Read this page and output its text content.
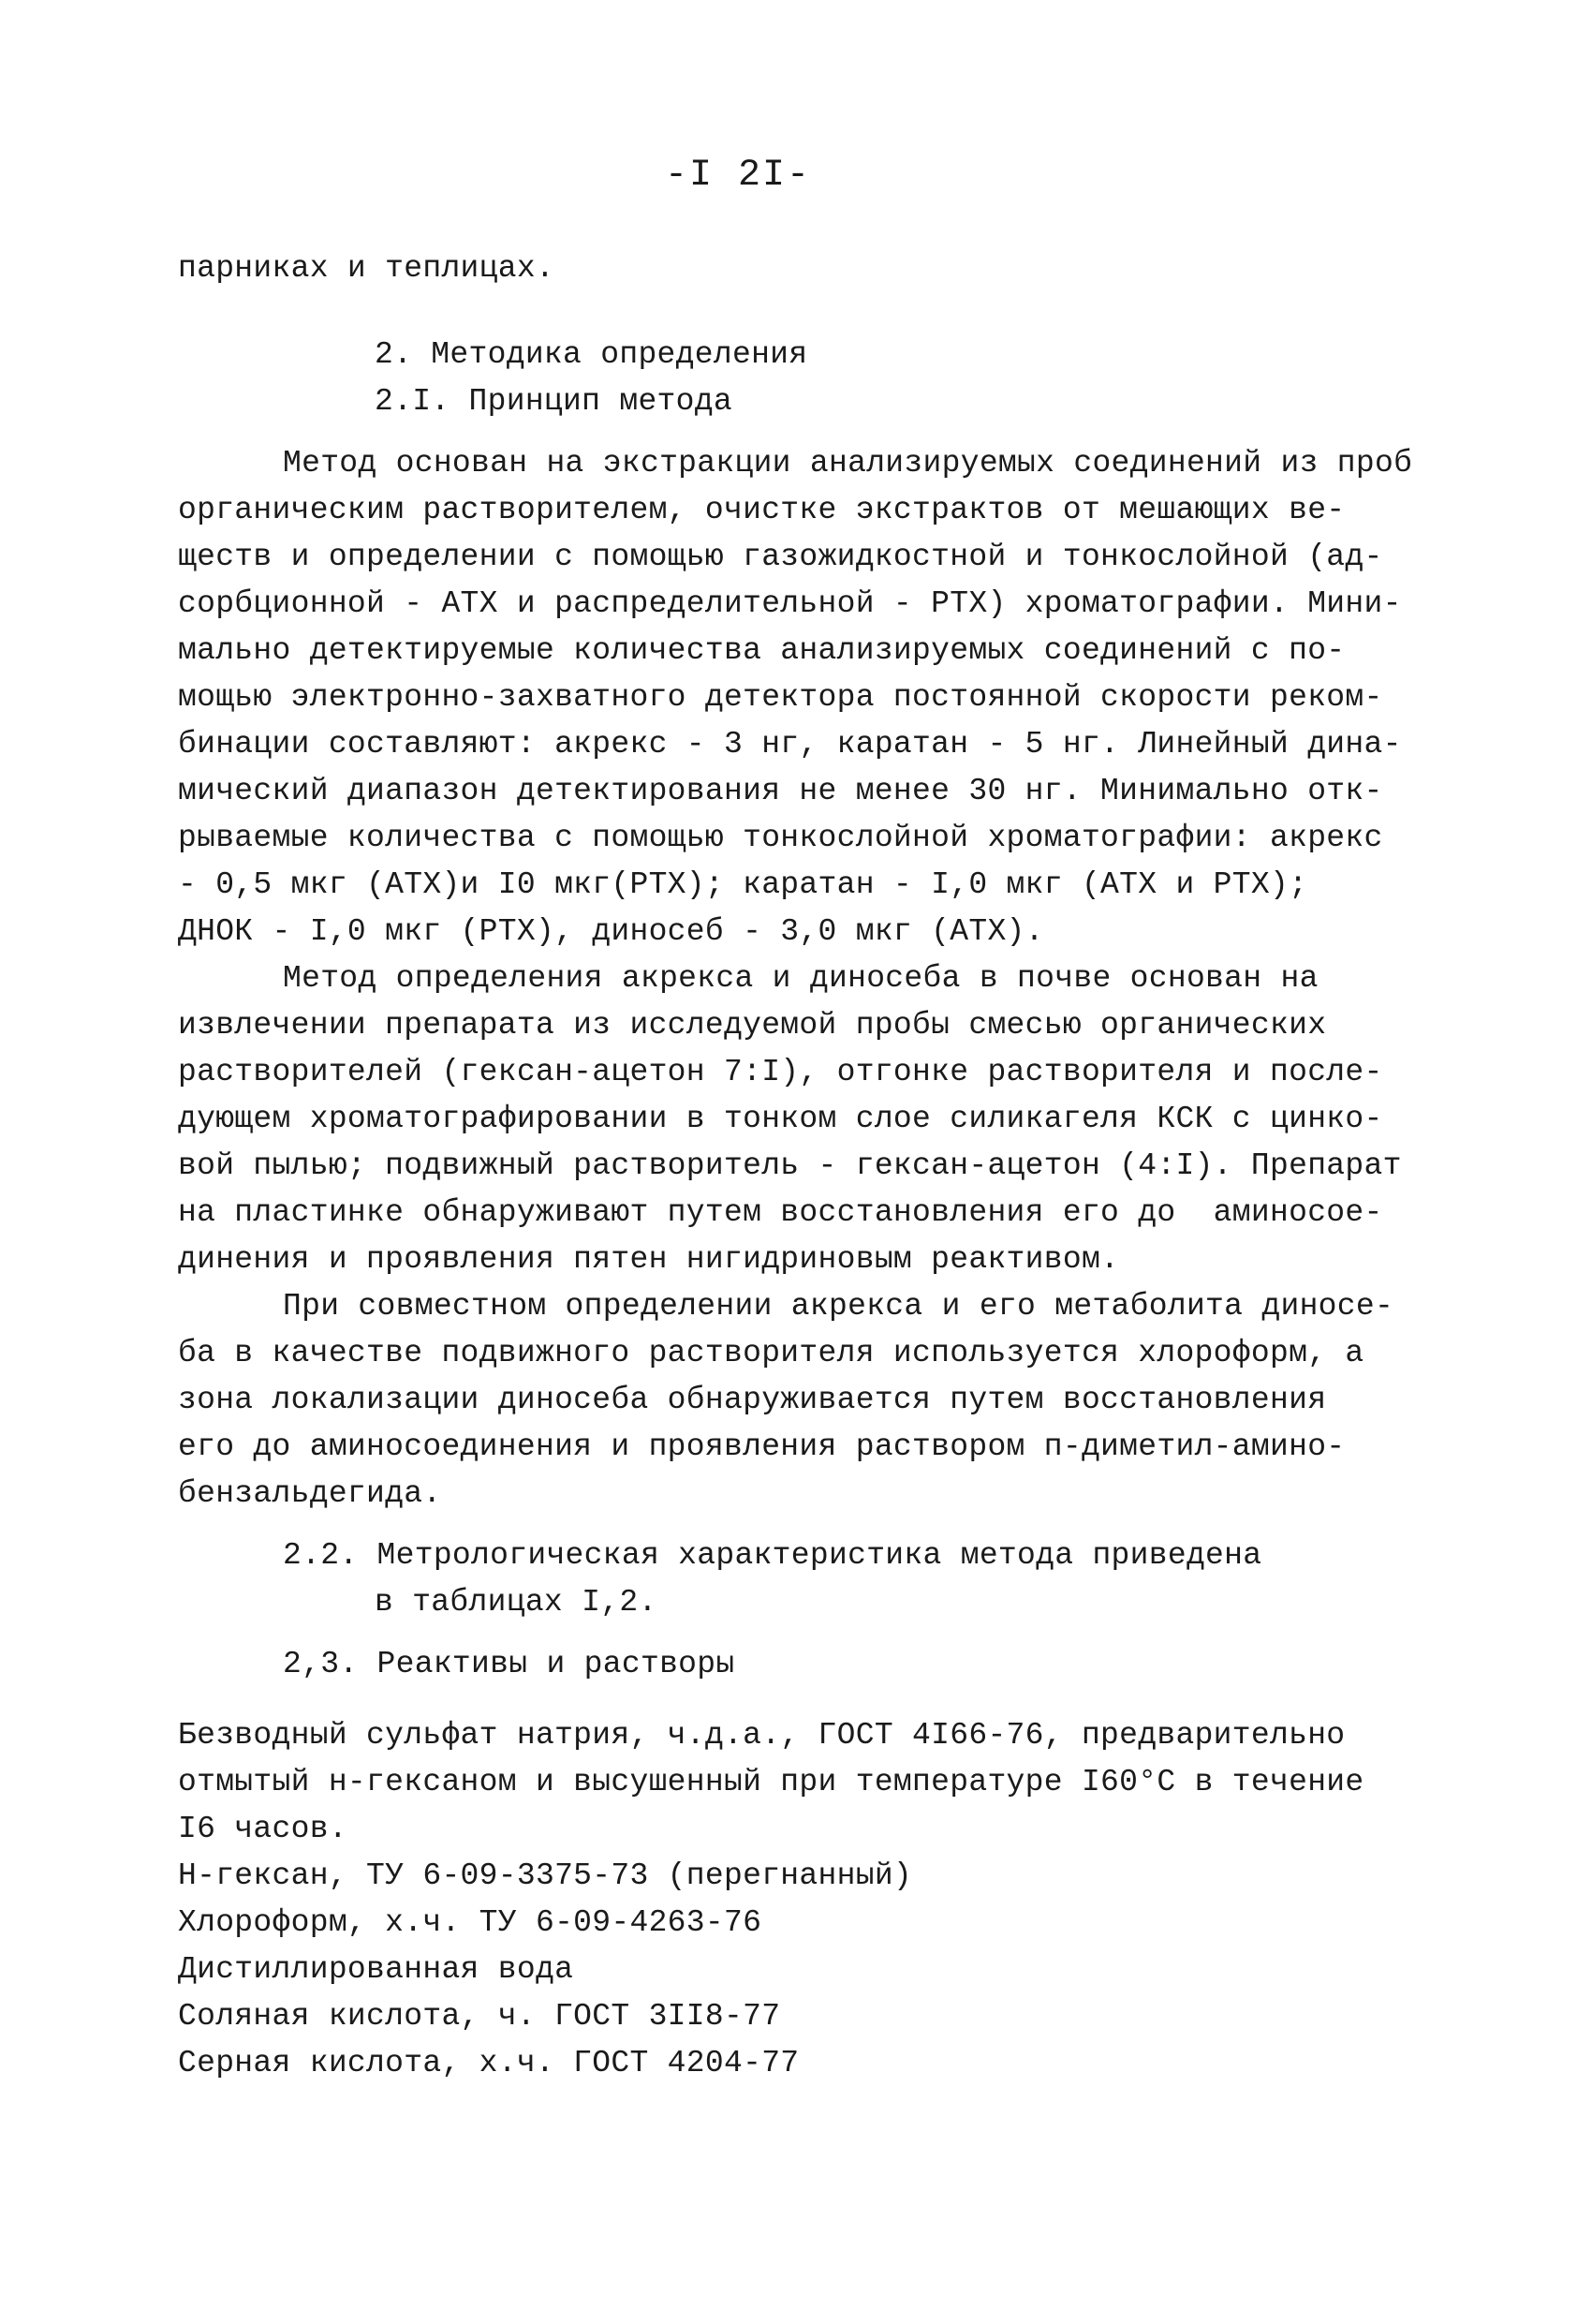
-I 2I-
парниках и теплицах.
2. Методика определения
2.I. Принцип метода
Метод основан на экстракции анализируемых соединений из проб
органическим растворителем, очистке экстрактов от мешающих ве-
ществ и определении с помощью газожидкостной и тонкослойной (ад-
сорбционной - АТХ и распределительной - РТХ) хроматографии. Мини-
мально детектируемые количества анализируемых соединений с по-
мощью электронно-захватного детектора постоянной скорости реком-
бинации составляют: акрекс - 3 нг, каратан - 5 нг. Линейный дина-
мический диапазон детектирования не менее 30 нг. Минимально отк-
рываемые количества с помощью тонкослойной хроматографии: акрекс
- 0,5 мкг (АТХ)и I0 мкг(РТХ); каратан - I,0 мкг (АТХ и РТХ);
ДНОК - I,0 мкг (РТХ), диносеб - 3,0 мкг (АТХ).
Метод определения акрекса и диносеба в почве основан на
извлечении препарата из исследуемой пробы смесью органических
растворителей (гексан-ацетон 7:I), отгонке растворителя и после-
дующем хроматографировании в тонком слое силикагеля КСК с цинко-
вой пылью; подвижный растворитель - гексан-ацетон (4:I). Препарат
на пластинке обнаруживают путем восстановления его до  аминосое-
динения и проявления пятен нигидриновым реактивом.
При совместном определении акрекса и его метаболита диносе-
ба в качестве подвижного растворителя используется хлороформ, а
зона локализации диносеба обнаруживается путем восстановления
его до аминосоединения и проявления раствором п-диметил-амино-
бензальдегида.
2.2. Метрологическая характеристика метода приведена
в таблицах I,2.
2,3. Реактивы и растворы
Безводный сульфат натрия, ч.д.а., ГОСТ 4I66-76, предварительно
отмытый н-гексаном и высушенный при температуре I60°С в течение
I6 часов.
Н-гексан, ТУ 6-09-3375-73 (перегнанный)
Хлороформ, х.ч. ТУ 6-09-4263-76
Дистиллированная вода
Соляная кислота, ч. ГОСТ 3II8-77
Серная кислота, х.ч. ГОСТ 4204-77
